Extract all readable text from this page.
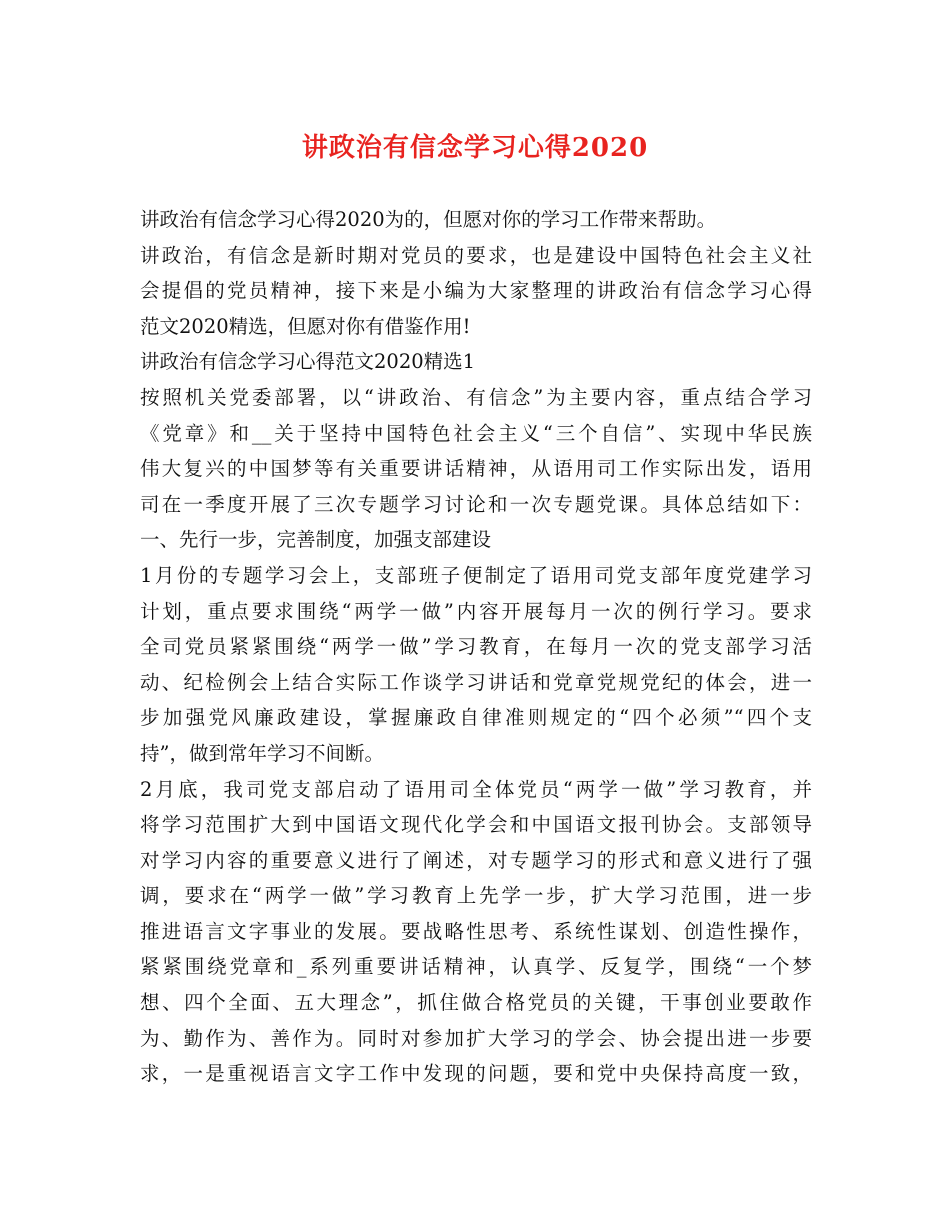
讲政治有信念学习心得2020
讲政治有信念学习心得2020为的，但愿对你的学习工作带来帮助。
讲政治，有信念是新时期对党员的要求，也是建设中国特色社会主义社
会提倡的党员精神，接下来是小编为大家整理的讲政治有信念学习心得
范文2020精选，但愿对你有借鉴作用!
讲政治有信念学习心得范文2020精选1
按照机关党委部署，以“讲政治、有信念”为主要内容，重点结合学习
《党章》和__关于坚持中国特色社会主义“三个自信”、实现中华民族
伟大复兴的中国梦等有关重要讲话精神，从语用司工作实际出发，语用
司在一季度开展了三次专题学习讨论和一次专题党课。具体总结如下：
一、先行一步，完善制度，加强支部建设
1月份的专题学习会上，支部班子便制定了语用司党支部年度党建学习
计划，重点要求围绕“两学一做”内容开展每月一次的例行学习。要求
全司党员紧紧围绕“两学一做”学习教育，在每月一次的党支部学习活
动、纪检例会上结合实际工作谈学习讲话和党章党规党纪的体会，进一
步加强党风廉政建设，掌握廉政自律准则规定的“四个必须”“四个支
持”，做到常年学习不间断。
2月底，我司党支部启动了语用司全体党员“两学一做”学习教育，并
将学习范围扩大到中国语文现代化学会和中国语文报刊协会。支部领导
对学习内容的重要意义进行了阐述，对专题学习的形式和意义进行了强
调，要求在“两学一做”学习教育上先学一步，扩大学习范围，进一步
推进语言文字事业的发展。要战略性思考、系统性谋划、创造性操作，
紧紧围绕党章和_系列重要讲话精神，认真学、反复学，围绕“一个梦
想、四个全面、五大理念”，抓住做合格党员的关键，干事创业要敢作
为、勤作为、善作为。同时对参加扩大学习的学会、协会提出进一步要
求，一是重视语言文字工作中发现的问题，要和党中央保持高度一致，
